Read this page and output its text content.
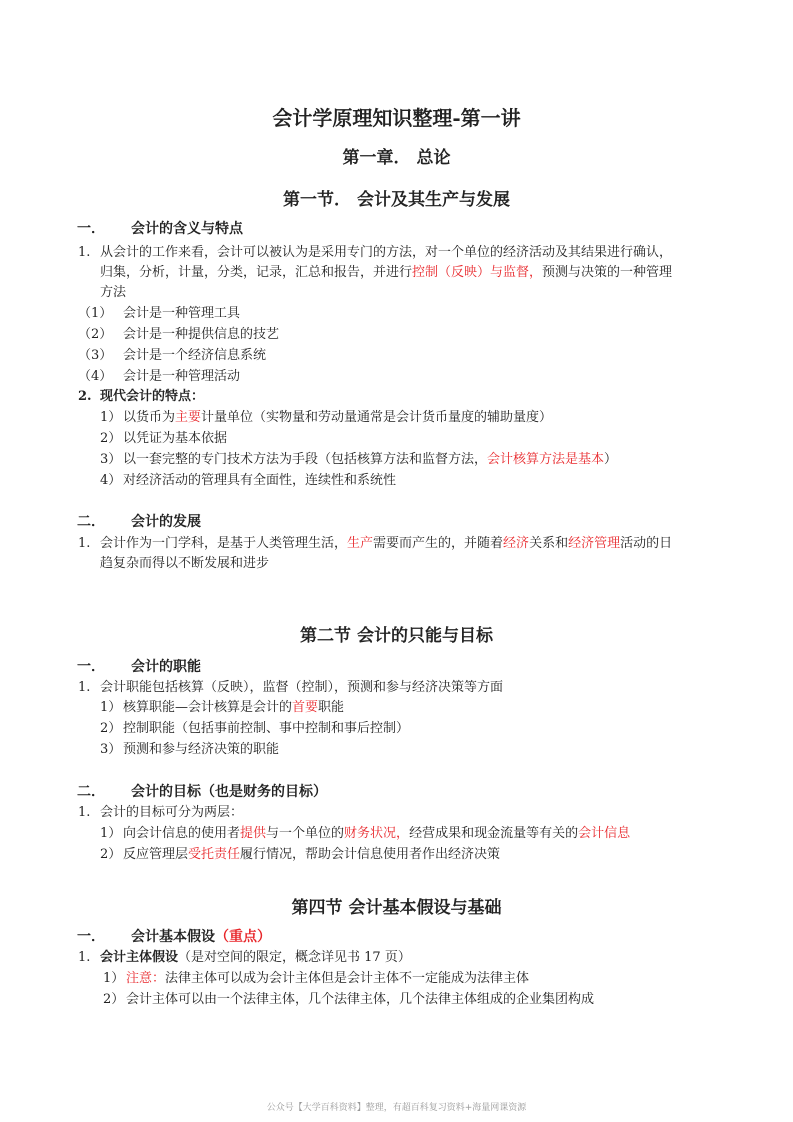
会计学原理知识整理-第一讲
第一章． 总论
第一节． 会计及其生产与发展
一． 会计的含义与特点
1. 从会计的工作来看，会计可以被认为是采用专门的方法，对一个单位的经济活动及其结果进行确认，
归集，分析，计量，分类，记录，汇总和报告，并进行控制（反映）与监督，预测与决策的一种管理
方法
（1） 会计是一种管理工具
（2） 会计是一种提供信息的技艺
（3） 会计是一个经济信息系统
（4） 会计是一种管理活动
2. 现代会计的特点：
1） 以货币为主要计量单位（实物量和劳动量通常是会计货币量度的辅助量度）
2） 以凭证为基本依据
3） 以一套完整的专门技术方法为手段（包括核算方法和监督方法，会计核算方法是基本）
4） 对经济活动的管理具有全面性，连续性和系统性
二． 会计的发展
1. 会计作为一门学科，是基于人类管理生活，生产需要而产生的，并随着经济关系和经济管理活动的日
趋复杂而得以不断发展和进步
第二节 会计的只能与目标
一． 会计的职能
1. 会计职能包括核算（反映），监督（控制），预测和参与经济决策等方面
1） 核算职能—会计核算是会计的首要职能
2） 控制职能（包括事前控制、事中控制和事后控制）
3） 预测和参与经济决策的职能
二． 会计的目标（也是财务的目标）
1. 会计的目标可分为两层：
1） 向会计信息的使用者提供与一个单位的财务状况，经营成果和现金流量等有关的会计信息
2） 反应管理层受托责任履行情况，帮助会计信息使用者作出经济决策
第四节 会计基本假设与基础
一． 会计基本假设（重点）
1. 会计主体假设（是对空间的限定，概念详见书 17 页）
1） 注意：法律主体可以成为会计主体但是会计主体不一定能成为法律主体
2） 会计主体可以由一个法律主体，几个法律主体，几个法律主体组成的企业集团构成
公众号【大学百科资料】整理，有超百科复习资料+海量网课资源
